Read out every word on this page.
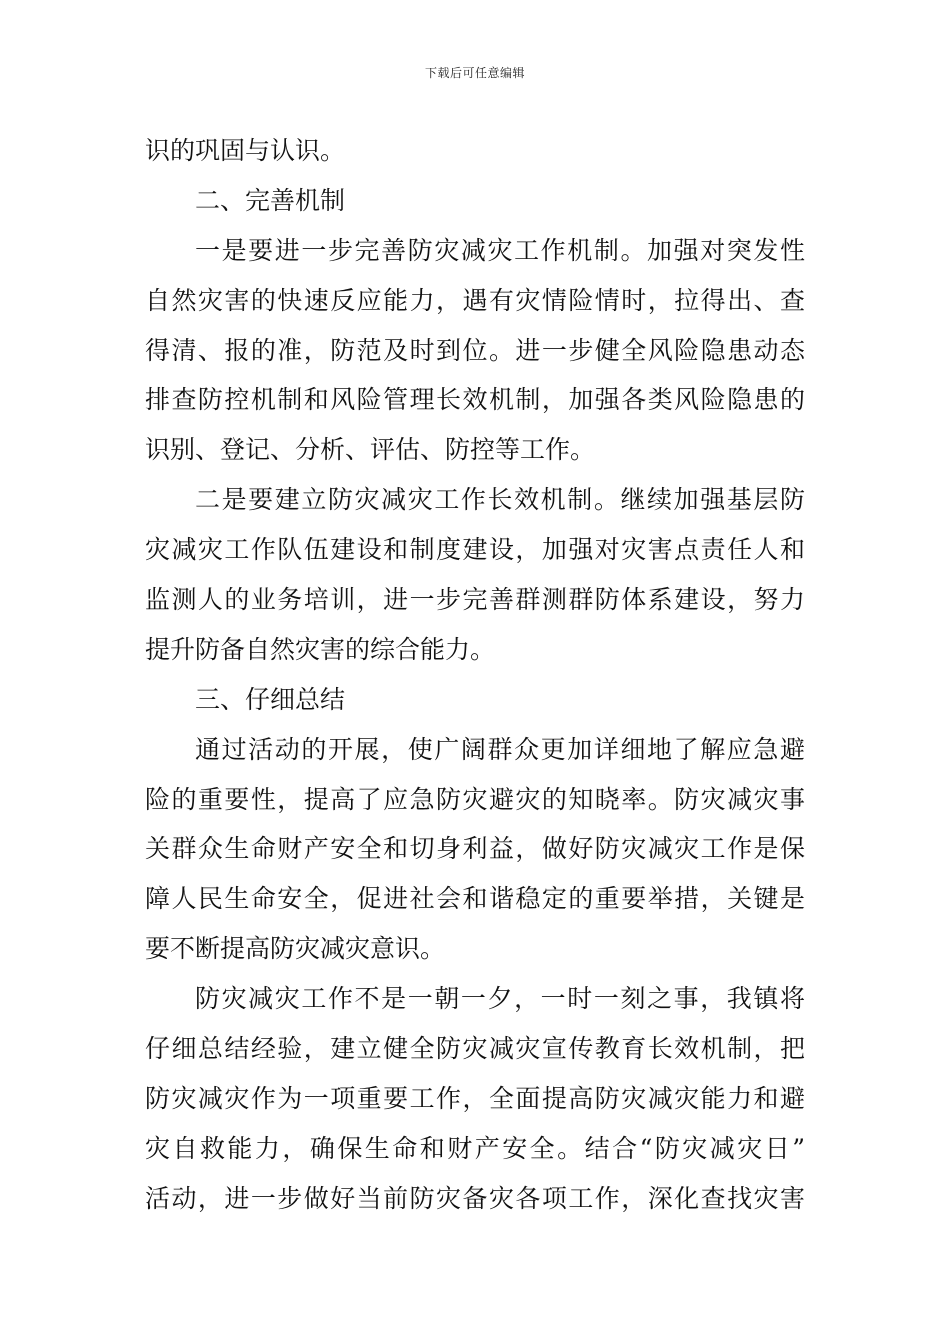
下载后可任意编辑
识的巩固与认识。
二、完善机制
一是要进一步完善防灾减灾工作机制。加强对突发性
自然灾害的快速反应能力，遇有灾情险情时，拉得出、查
得清、报的准，防范及时到位。进一步健全风险隐患动态
排查防控机制和风险管理长效机制，加强各类风险隐患的
识别、登记、分析、评估、防控等工作。
二是要建立防灾减灾工作长效机制。继续加强基层防
灾减灾工作队伍建设和制度建设，加强对灾害点责任人和
监测人的业务培训，进一步完善群测群防体系建设，努力
提升防备自然灾害的综合能力。
三、仔细总结
通过活动的开展，使广阔群众更加详细地了解应急避
险的重要性，提高了应急防灾避灾的知晓率。防灾减灾事
关群众生命财产安全和切身利益，做好防灾减灾工作是保
障人民生命安全，促进社会和谐稳定的重要举措，关键是
要不断提高防灾减灾意识。
防灾减灾工作不是一朝一夕，一时一刻之事，我镇将
仔细总结经验，建立健全防灾减灾宣传教育长效机制，把
防灾减灾作为一项重要工作，全面提高防灾减灾能力和避
灾自救能力，确保生命和财产安全。结合“防灾减灾日”
活动，进一步做好当前防灾备灾各项工作，深化查找灾害
